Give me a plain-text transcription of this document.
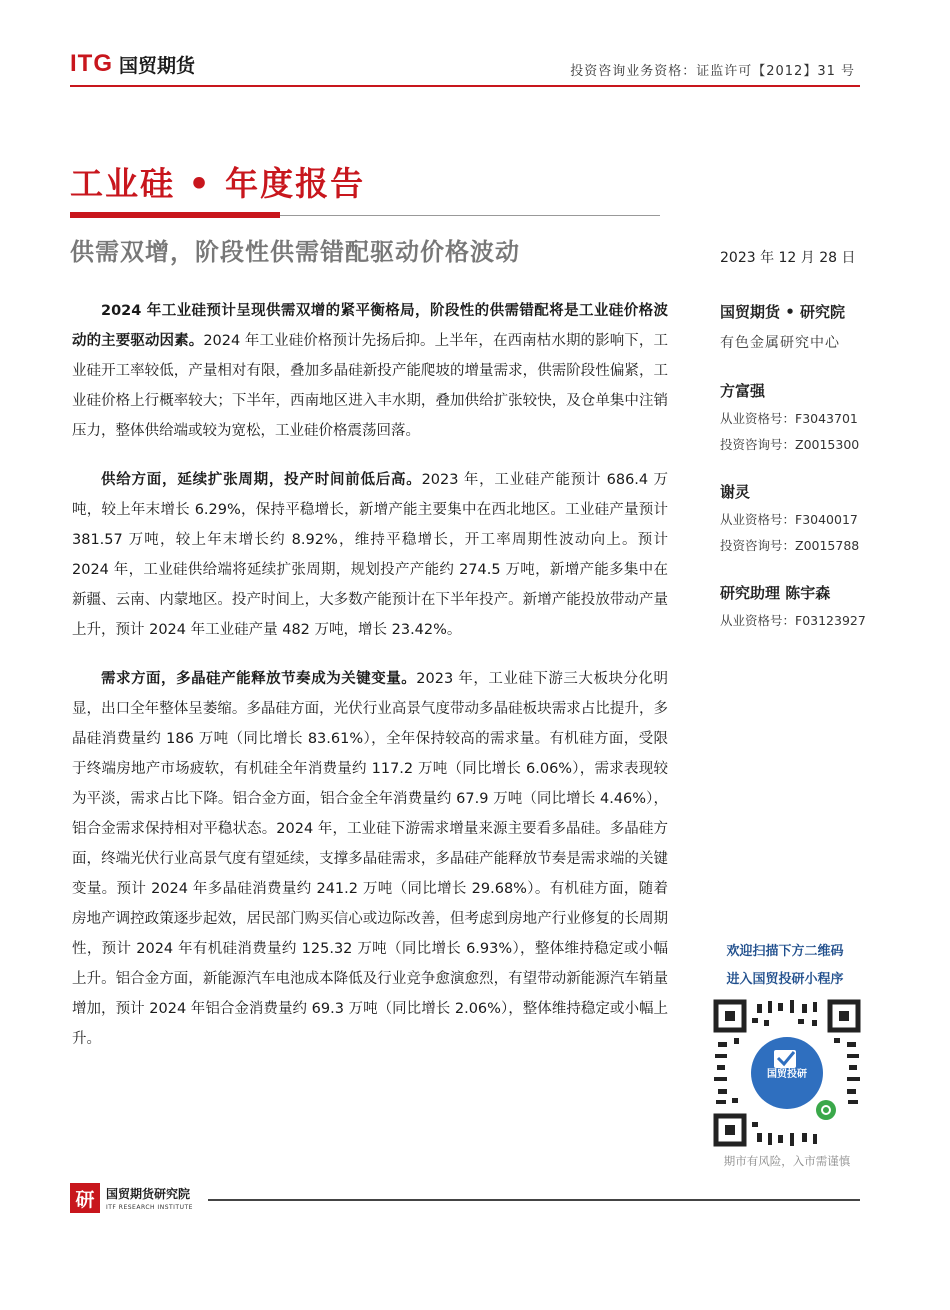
ITG 国贸期货	投资咨询业务资格：证监许可【2012】31 号
工业硅 • 年度报告
供需双增，阶段性供需错配驱动价格波动	2023 年 12 月 28 日

2024 年工业硅预计呈现供需双增的紧平衡格局，阶段性的供需错配将是工业硅价格波动的主要驱动因素。2024 年工业硅价格预计先扬后抑。上半年，在西南枯水期的影响下，工业硅开工率较低，产量相对有限，叠加多晶硅新投产能爬坡的增量需求，供需阶段性偏紧，工业硅价格上行概率较大；下半年，西南地区进入丰水期，叠加供给扩张较快，及仓单集中注销压力，整体供给端或较为宽松，工业硅价格震荡回落。

供给方面，延续扩张周期，投产时间前低后高。2023 年，工业硅产能预计 686.4 万吨，较上年末增长 6.29%，保持平稳增长，新增产能主要集中在西北地区。工业硅产量预计 381.57 万吨，较上年末增长约 8.92%，维持平稳增长，开工率周期性波动向上。预计 2024 年，工业硅供给端将延续扩张周期，规划投产产能约 274.5 万吨，新增产能多集中在新疆、云南、内蒙地区。投产时间上，大多数产能预计在下半年投产。新增产能投放带动产量上升，预计 2024 年工业硅产量 482 万吨，增长 23.42%。

需求方面，多晶硅产能释放节奏成为关键变量。2023 年，工业硅下游三大板块分化明显，出口全年整体呈萎缩。多晶硅方面，光伏行业高景气度带动多晶硅板块需求占比提升，多晶硅消费量约 186 万吨（同比增长 83.61%），全年保持较高的需求量。有机硅方面，受限于终端房地产市场疲软，有机硅全年消费量约 117.2 万吨（同比增长 6.06%），需求表现较为平淡，需求占比下降。铝合金方面，铝合金全年消费量约 67.9 万吨（同比增长 4.46%），铝合金需求保持相对平稳状态。2024 年，工业硅下游需求增量来源主要看多晶硅。多晶硅方面，终端光伏行业高景气度有望延续，支撑多晶硅需求，多晶硅产能释放节奏是需求端的关键变量。预计 2024 年多晶硅消费量约 241.2 万吨（同比增长 29.68%）。有机硅方面，随着房地产调控政策逐步起效，居民部门购买信心或边际改善，但考虑到房地产行业修复的长周期性，预计 2024 年有机硅消费量约 125.32 万吨（同比增长 6.93%），整体维持稳定或小幅上升。铝合金方面，新能源汽车电池成本降低及行业竞争愈演愈烈，有望带动新能源汽车销量增加，预计 2024 年铝合金消费量约 69.3 万吨（同比增长 2.06%），整体维持稳定或小幅上升。

国贸期货 • 研究院
有色金属研究中心
方富强
从业资格号：F3043701
投资咨询号：Z0015300
谢灵
从业资格号：F3040017
投资咨询号：Z0015788
研究助理 陈宇森
从业资格号：F03123927
欢迎扫描下方二维码
进入国贸投研小程序
国贸投研
期市有风险，入市需谨慎
研 国贸期货研究院
ITF RESEARCH INSTITUTE
